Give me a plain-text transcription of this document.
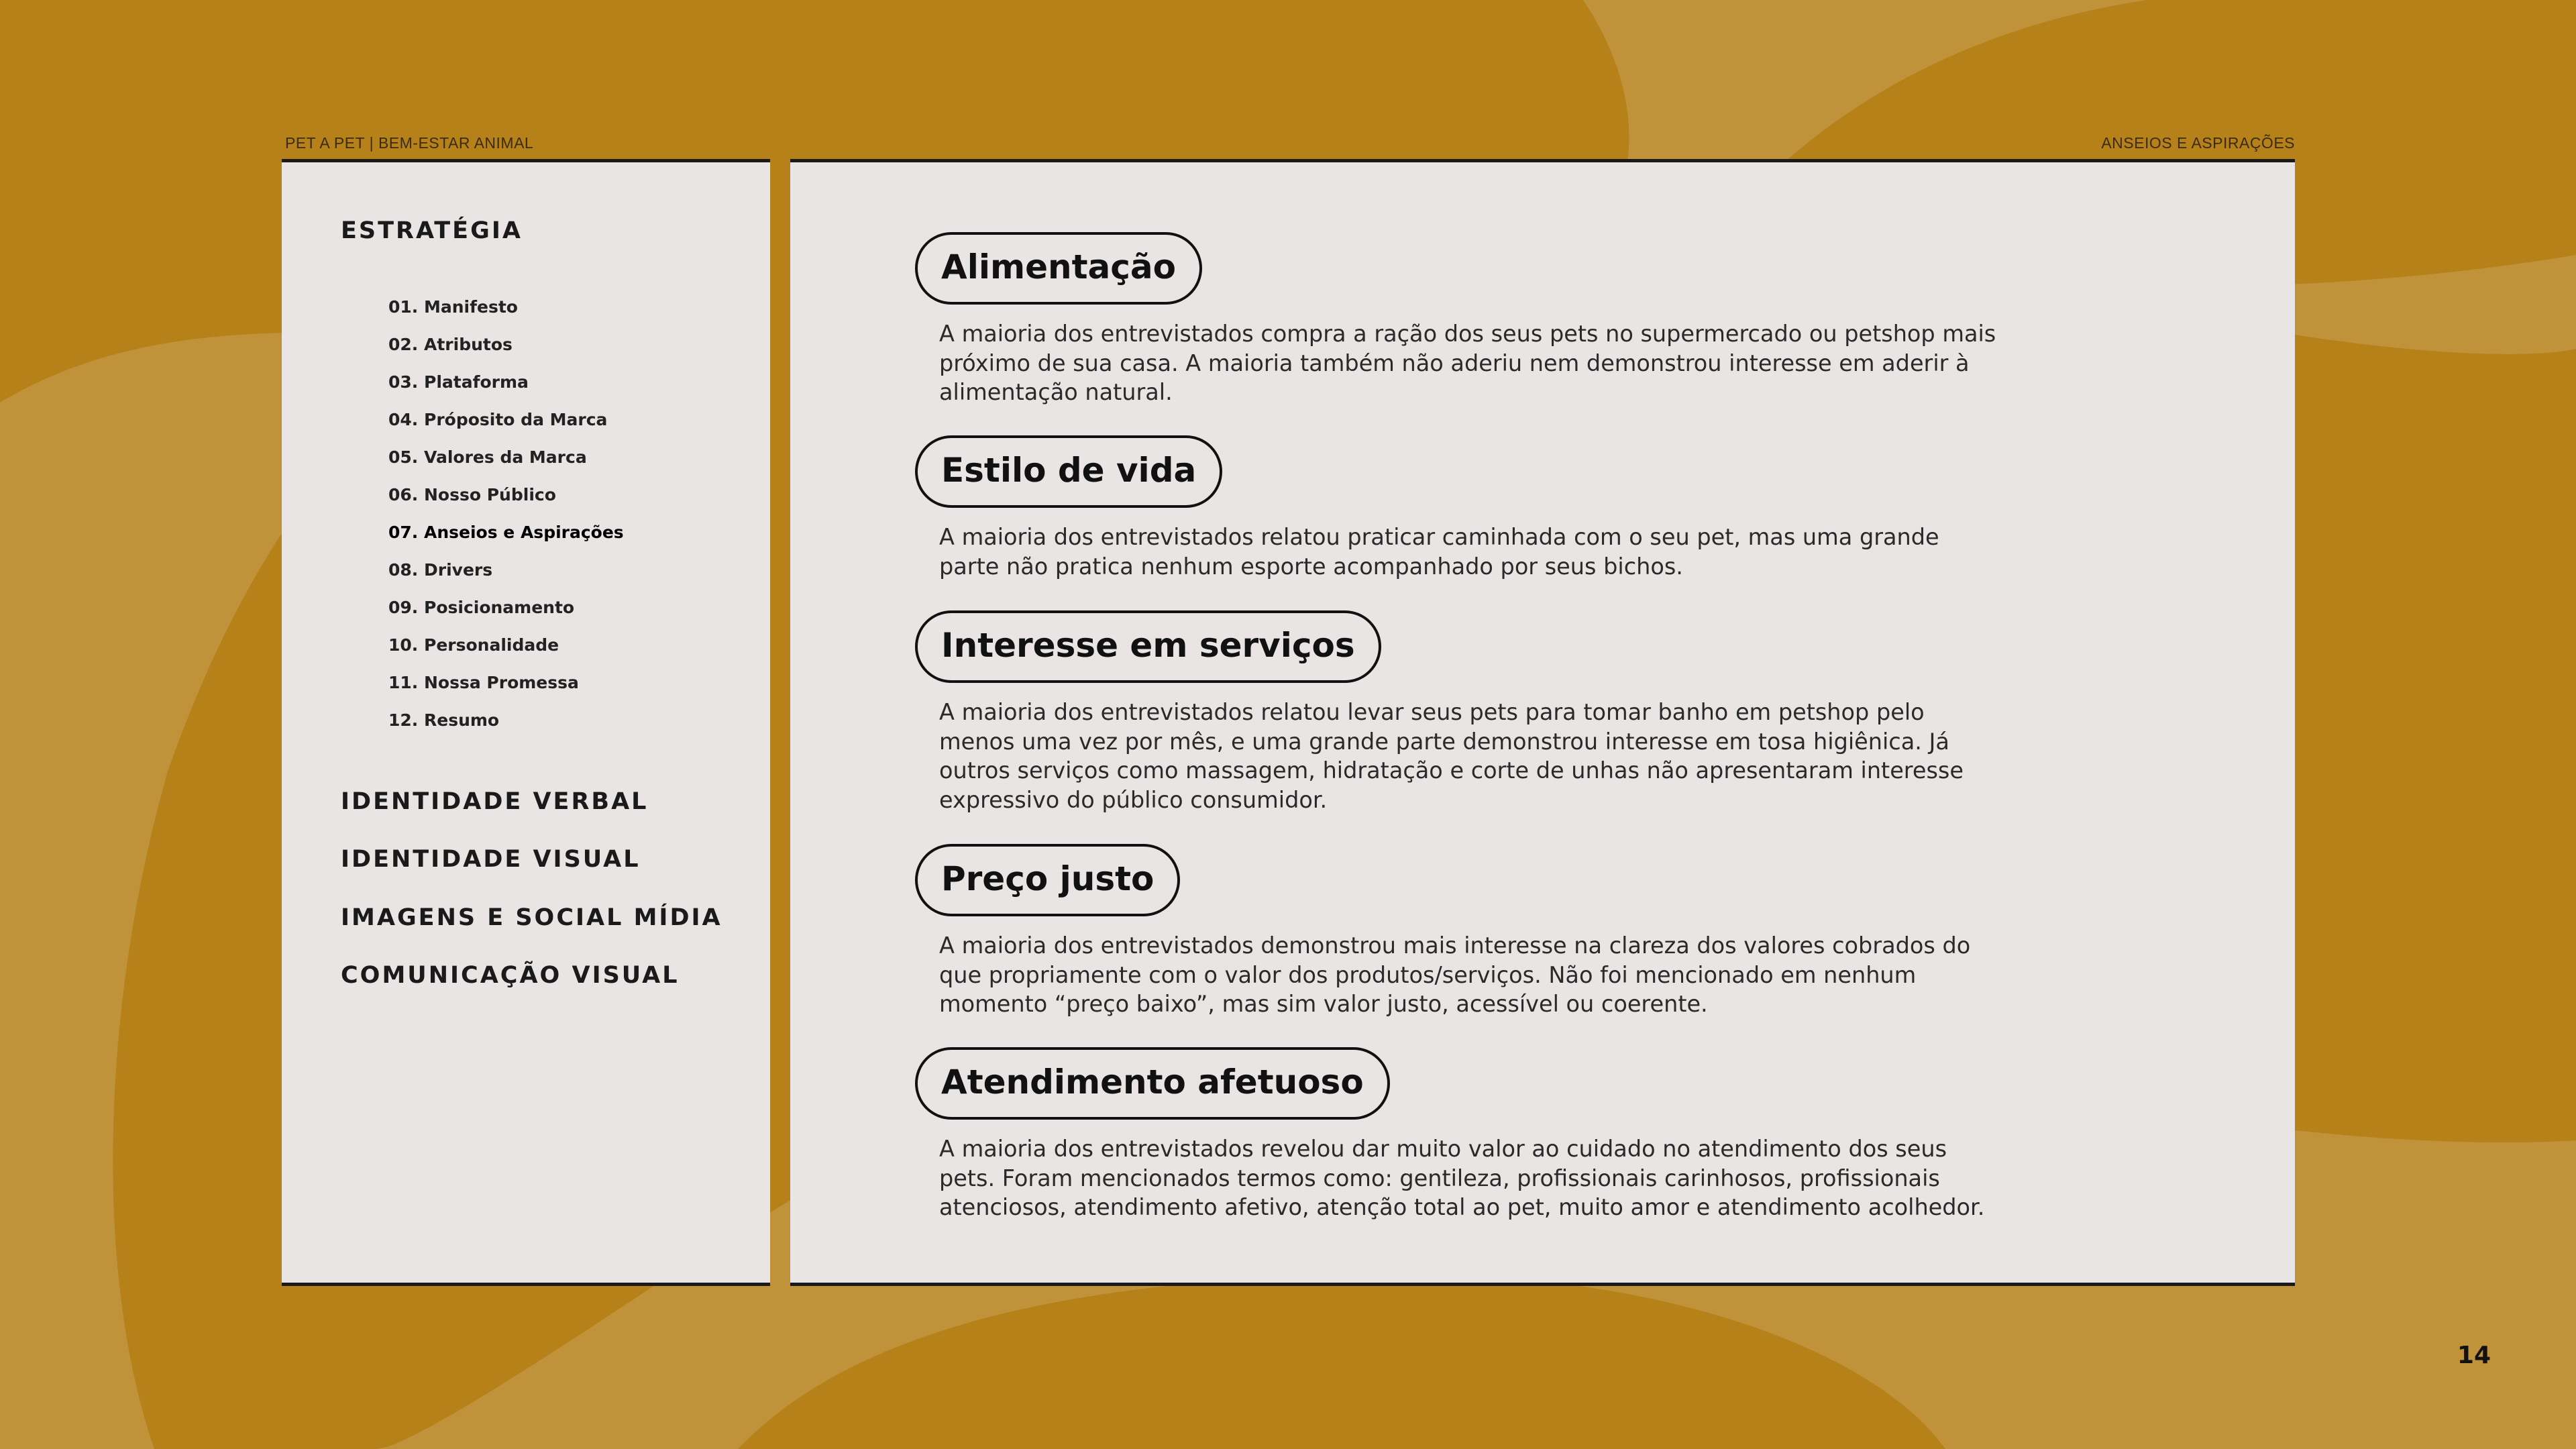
PET A PET | BEM-ESTAR ANIMAL	ANSEIOS E ASPIRAÇÕES
ESTRATÉGIA
01. Manifesto
02. Atributos
03. Plataforma
04. Próposito da Marca
05. Valores da Marca
06. Nosso Público
07. Anseios e Aspirações
08. Drivers
09. Posicionamento
10. Personalidade
11. Nossa Promessa
12. Resumo
IDENTIDADE VERBAL
IDENTIDADE VISUAL
IMAGENS E SOCIAL MÍDIA
COMUNICAÇÃO VISUAL
Alimentação

A maioria dos entrevistados compra a ração dos seus pets no supermercado ou petshop mais próximo de sua casa. A maioria também não aderiu nem demonstrou interesse em aderir à alimentação natural.

Estilo de vida

A maioria dos entrevistados relatou praticar caminhada com o seu pet, mas uma grande parte não pratica nenhum esporte acompanhado por seus bichos.

Interesse em serviços

A maioria dos entrevistados relatou levar seus pets para tomar banho em petshop pelo menos uma vez por mês, e uma grande parte demonstrou interesse em tosa higiênica. Já outros serviços como massagem, hidratação e corte de unhas não apresentaram interesse expressivo do público consumidor.

Preço justo

A maioria dos entrevistados demonstrou mais interesse na clareza dos valores cobrados do que propriamente com o valor dos produtos/serviços. Não foi mencionado em nenhum momento “preço baixo”, mas sim valor justo, acessível ou coerente.

Atendimento afetuoso

A maioria dos entrevistados revelou dar muito valor ao cuidado no atendimento dos seus pets. Foram mencionados termos como: gentileza, profissionais carinhosos, profissionais atenciosos, atendimento afetivo, atenção total ao pet, muito amor e atendimento acolhedor.

14
